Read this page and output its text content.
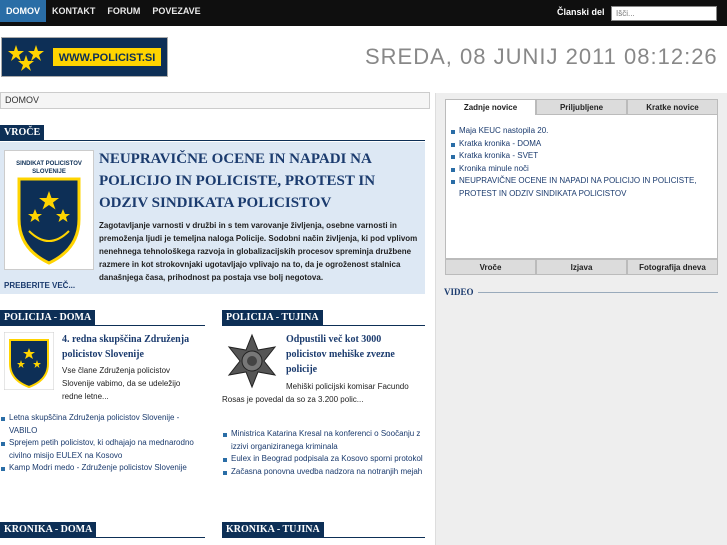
DOMOV	KONTAKT	FORUM	POVEZAVE	Članski del
Išči...
WWW.POLICIST.SI	SREDA, 08 JUNIJ 2011 08:12:26
DOMOV
VROČE
SINDIKAT POLICISTOV
SLOVENIJE
NEUPRAVIČNE OCENE IN NAPADI NA POLICIJO IN POLICISTE, PROTEST IN ODZIV SINDIKATA POLICISTOV
Zagotavljanje varnosti v družbi in s tem varovanje življenja, osebne varnosti in premoženja ljudi je temeljna naloga Policije. Sodobni način življenja, ki pod vplivom nenehnega tehnološkega razvoja in globalizacijskih procesov spreminja družbene razmere in kot strokovnjaki ugotavljajo vplivajo na to, da je ogroženost stalnica današnjega časa, prihodnost pa postaja vse bolj negotova.
PREBERITE VEČ...
POLICIJA - DOMA
4. redna skupščina Združenja policistov Slovenije
Vse člane Združenja policistov Slovenije vabimo, da se udeležijo redne letne...
Letna skupščina Združenja policistov Slovenije - VABILO
Sprejem petih policistov, ki odhajajo na mednarodno civilno misijo EULEX na Kosovo
Kamp Modri medo - Združenje policistov Slovenije
POLICIJA - TUJINA
Odpustili več kot 3000 policistov mehiške zvezne policije
Mehiški policijski komisar Facundo Rosas je povedal da so za 3.200 polic...
Ministrica Katarina Kresal na konferenci o Soočanju z izzivi organiziranega kriminala
Eulex in Beograd podpisala za Kosovo sporni protokol
Začasna ponovna uvedba nadzora na notranjih mejah
KRONIKA - DOMA	KRONIKA - TUJINA
Zadnje novice	Priljubljene	Kratke novice
Maja KEUC nastopila 20.
Kratka kronika - DOMA
Kratka kronika - SVET
Kronika minule noči
NEUPRAVIČNE OCENE IN NAPADI NA POLICIJO IN POLICISTE, PROTEST IN ODZIV SINDIKATA POLICISTOV
Vroče	Izjava	Fotografija dneva
VIDEO
